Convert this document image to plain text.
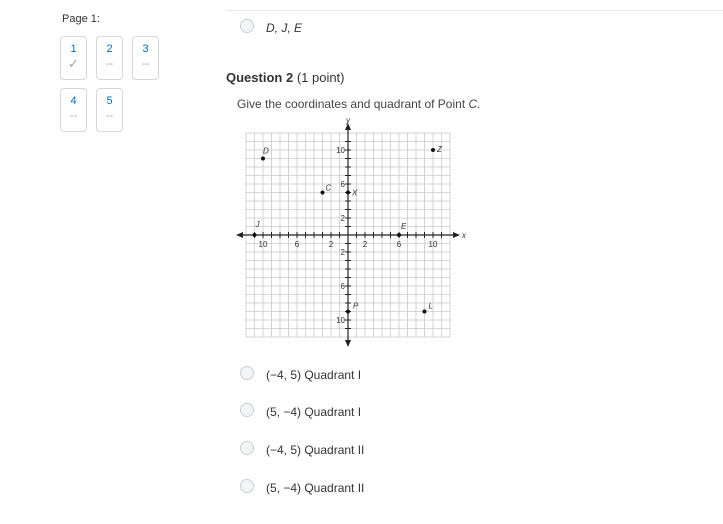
Page 1:
1
✓
2
--
3
--
4
--
5
--
D, J, E
Question 2 (1 point)
Give the coordinates and quadrant of Point C.
x
y
10	6	2	2	6	10
10
6
2
2
6
10
D	Z
C
X
J	E
P	L
(−4, 5) Quadrant I
(5, −4) Quadrant I
(−4, 5) Quadrant II
(5, −4) Quadrant II
